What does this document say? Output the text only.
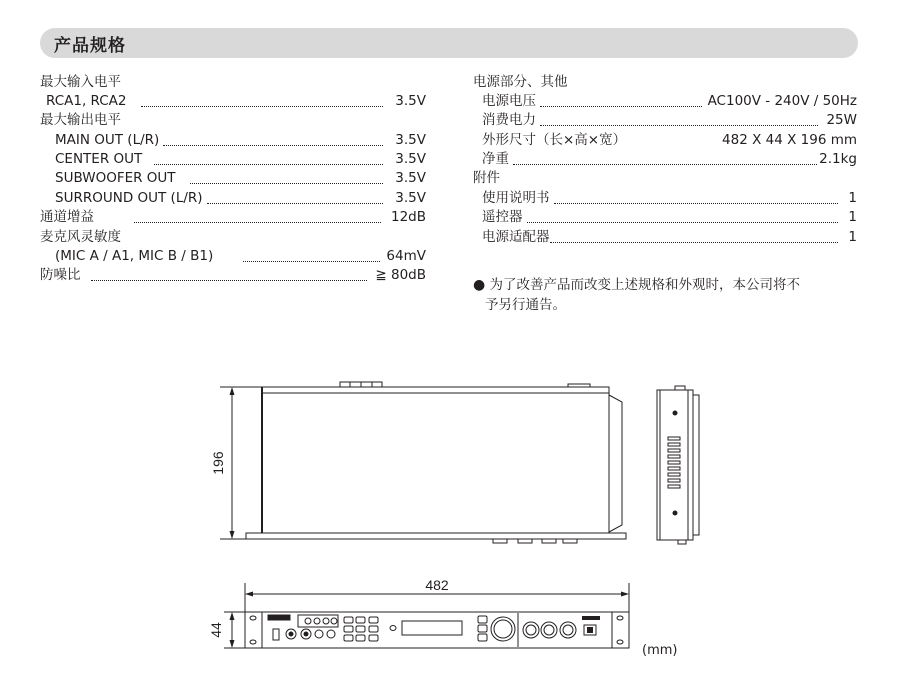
产品规格
最大输入电平
RCA1, RCA2	3.5V
最大输出电平
MAIN OUT (L/R)	3.5V
CENTER OUT	3.5V
SUBWOOFER OUT	3.5V
SURROUND OUT (L/R)	3.5V
通道增益	12dB
麦克风灵敏度
(MIC A / A1, MIC B / B1)	64mV
防噪比	≧ 80dB
电源部分、其他
电源电压	AC100V - 240V / 50Hz
消费电力	25W
外形尺寸（长×高×宽）	482 X 44 X 196 mm
净重	2.1kg
附件
使用说明书	1
遥控器	1
电源适配器	1
● 为了改善产品而改变上述规格和外观时，本公司将不
予另行通告。
196
482
44
(mm)
